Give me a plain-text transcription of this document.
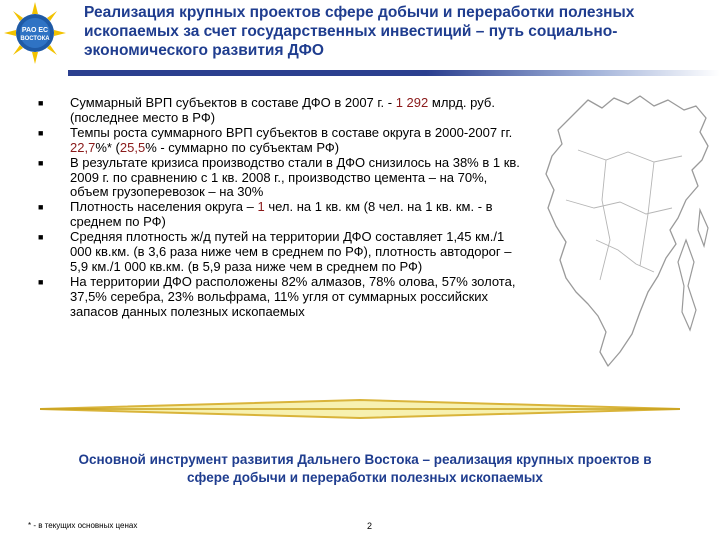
РАО ЕС
ВОСТОКА
Реализация крупных проектов сфере добычи и переработки полезных ископаемых за счет государственных инвестиций – путь социально-экономического развития ДФО
■ Суммарный ВРП субъектов в составе ДФО в 2007 г. - 1 292 млрд. руб. (последнее место в РФ)
■ Темпы роста суммарного ВРП субъектов в составе округа в 2000-2007 гг. 22,7%* (25,5% - суммарно по субъектам РФ)
■ В результате кризиса производство стали в ДФО снизилось на 38% в 1 кв. 2009 г. по сравнению с 1 кв. 2008 г., производство цемента – на 70%, объем грузоперевозок – на 30%
■ Плотность населения округа – 1 чел. на 1 кв. км (8 чел. на 1 кв. км. - в среднем по РФ)
■ Средняя плотность ж/д путей на территории ДФО составляет 1,45 км./1 000 кв.км. (в 3,6 раза ниже чем в среднем по РФ), плотность автодорог – 5,9 км./1 000 кв.км. (в 5,9 раза ниже чем в среднем по РФ)
■ На территории ДФО расположены 82% алмазов, 78% олова, 57% золота, 37,5% серебра, 23% вольфрама, 11% угля от суммарных российских запасов данных полезных ископаемых
Основной инструмент развития Дальнего Востока – реализация крупных проектов в сфере добычи и переработки полезных ископаемых
* - в текущих основных ценах	2
